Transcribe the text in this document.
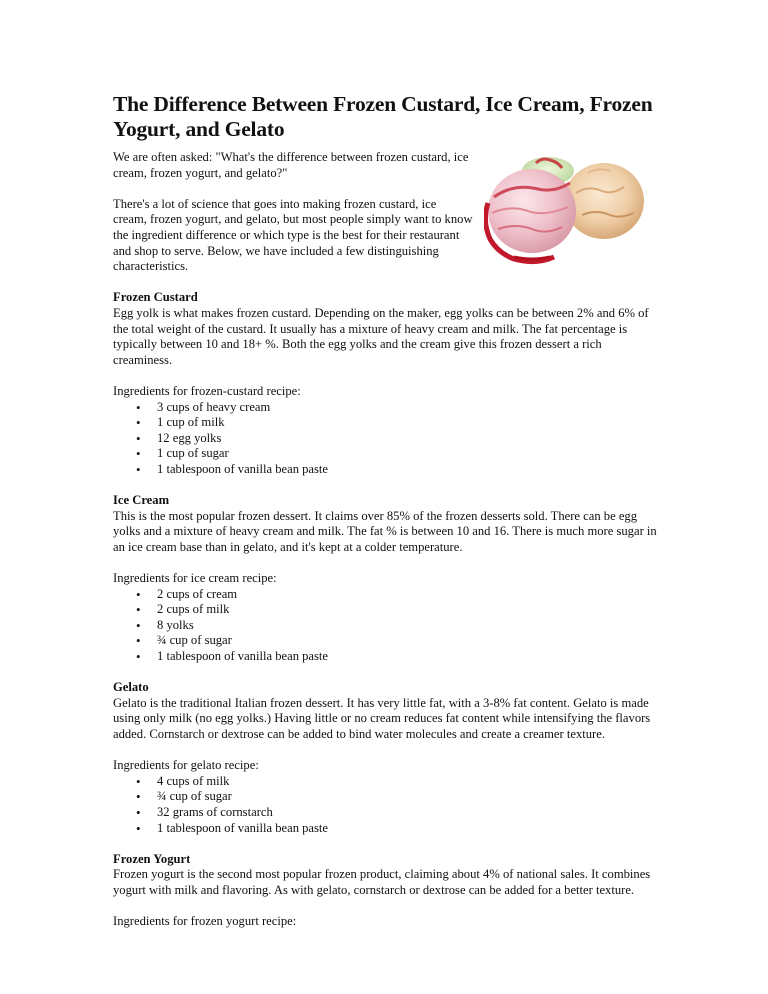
The Difference Between Frozen Custard, Ice Cream, Frozen Yogurt, and Gelato

We are often asked: "What's the difference between frozen custard, ice cream, frozen yogurt, and gelato?"

There's a lot of science that goes into making frozen custard, ice cream, frozen yogurt, and gelato, but most people simply want to know the ingredient difference or which type is the best for their restaurant and shop to serve. Below, we have included a few distinguishing characteristics.

Frozen Custard

Egg yolk is what makes frozen custard. Depending on the maker, egg yolks can be between 2% and 6% of the total weight of the custard. It usually has a mixture of heavy cream and milk. The fat percentage is typically between 10 and 18+ %. Both the egg yolks and the cream give this frozen dessert a rich creaminess.

Ingredients for frozen-custard recipe:

• 3 cups of heavy cream
• 1 cup of milk
• 12 egg yolks
• 1 cup of sugar
• 1 tablespoon of vanilla bean paste
Ice Cream

This is the most popular frozen dessert. It claims over 85% of the frozen desserts sold. There can be egg yolks and a mixture of heavy cream and milk. The fat % is between 10 and 16. There is much more sugar in an ice cream base than in gelato, and it's kept at a colder temperature.

Ingredients for ice cream recipe:

• 2 cups of cream
• 2 cups of milk
• 8 yolks
• ¾ cup of sugar
• 1 tablespoon of vanilla bean paste
Gelato

Gelato is the traditional Italian frozen dessert. It has very little fat, with a 3-8% fat content. Gelato is made using only milk (no egg yolks.) Having little or no cream reduces fat content while intensifying the flavors added. Cornstarch or dextrose can be added to bind water molecules and create a creamer texture.

Ingredients for gelato recipe:

• 4 cups of milk
• ¾ cup of sugar
• 32 grams of cornstarch
• 1 tablespoon of vanilla bean paste
Frozen Yogurt

Frozen yogurt is the second most popular frozen product, claiming about 4% of national sales. It combines yogurt with milk and flavoring. As with gelato, cornstarch or dextrose can be added for a better texture.

Ingredients for frozen yogurt recipe:
